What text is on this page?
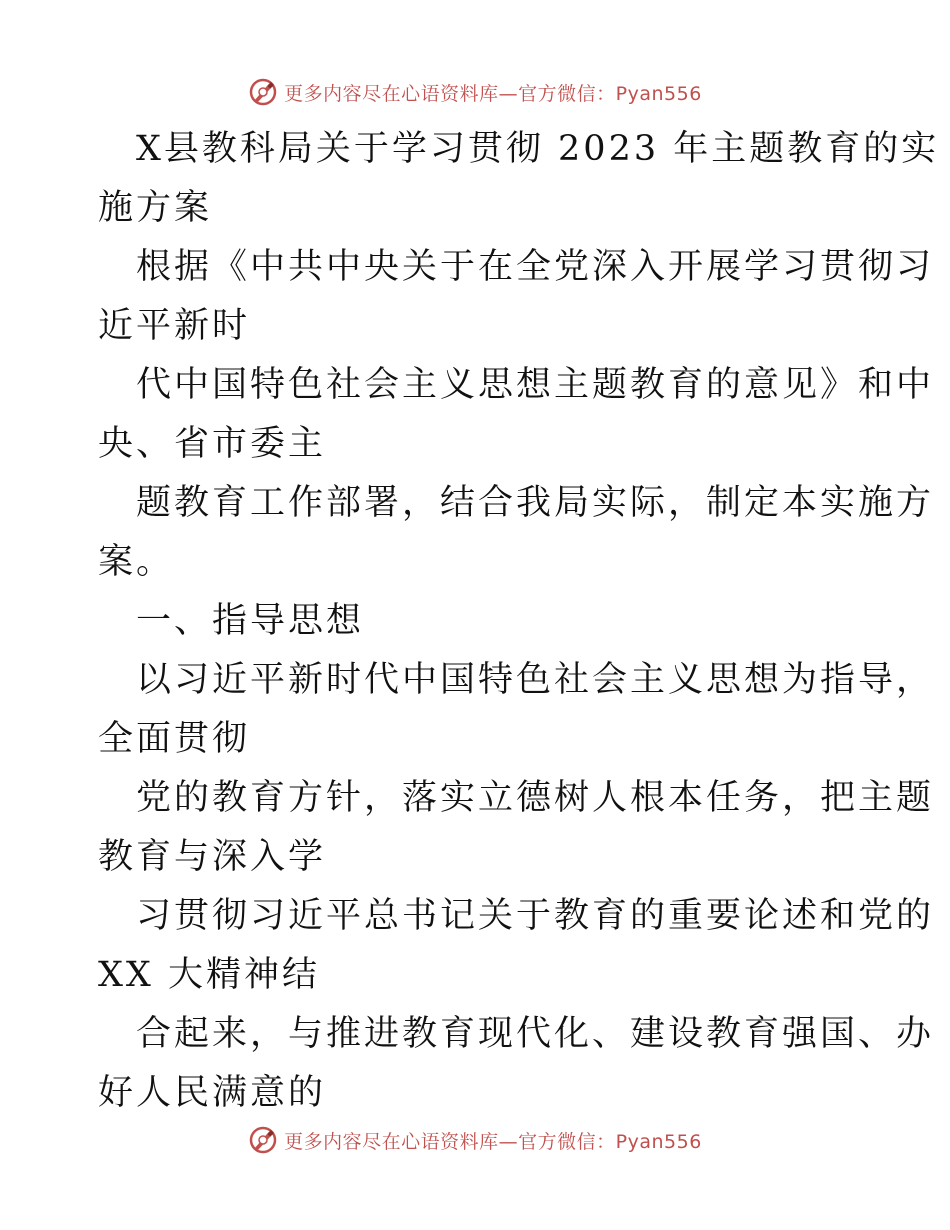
更多内容尽在心语资料库—官方微信：Pyan556
X县教科局关于学习贯彻 2023 年主题教育的实
施方案
根据《中共中央关于在全党深入开展学习贯彻习
近平新时
代中国特色社会主义思想主题教育的意见》和中
央、省市委主
题教育工作部署，结合我局实际，制定本实施方
案。
一、指导思想
以习近平新时代中国特色社会主义思想为指导，
全面贯彻
党的教育方针，落实立德树人根本任务，把主题
教育与深入学
习贯彻习近平总书记关于教育的重要论述和党的
XX 大精神结
合起来，与推进教育现代化、建设教育强国、办
好人民满意的
更多内容尽在心语资料库—官方微信：Pyan556
